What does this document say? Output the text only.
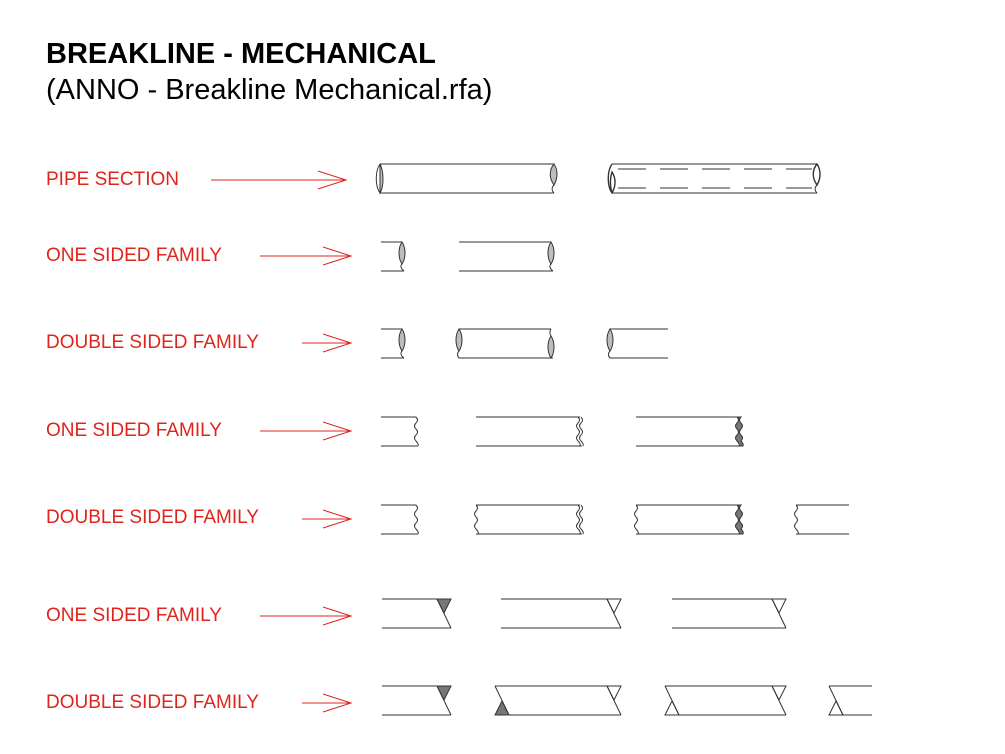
BREAKLINE - MECHANICAL
(ANNO - Breakline Mechanical.rfa)
PIPE SECTION
ONE SIDED FAMILY
DOUBLE SIDED FAMILY
ONE SIDED FAMILY
DOUBLE SIDED FAMILY
ONE SIDED FAMILY
DOUBLE SIDED FAMILY
